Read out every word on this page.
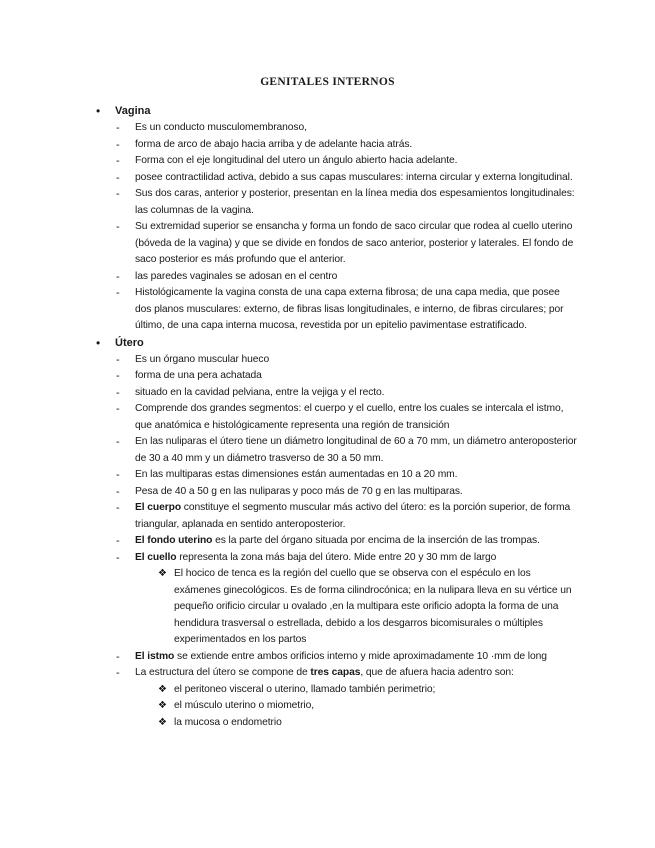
GENITALES INTERNOS
• Vagina
- Es un conducto musculomembranoso,
- forma de arco de abajo hacia arriba y de adelante hacia atrás.
- Forma con el eje longitudinal del utero un ángulo abierto hacia adelante.
- posee contractilidad activa, debido a sus capas musculares: interna circular y externa longitudinal.
- Sus dos caras, anterior y posterior, presentan en la línea media dos espesamientos longitudinales: las columnas de la vagina.
- Su extremidad superior se ensancha y forma un fondo de saco circular que rodea al cuello uterino (bóveda de la vagina) y que se divide en fondos de saco anterior, posterior y laterales. El fondo de saco posterior es más profundo que el anterior.
- las paredes vaginales se adosan en el centro
- Histológicamente la vagina consta de una capa externa fibrosa; de una capa media, que posee dos planos musculares: externo, de fibras lisas longitudinales, e interno, de fibras circulares; por último, de una capa interna mucosa, revestida por un epitelio pavimentase estratificado.
• Útero
- Es un órgano muscular hueco
- forma de una pera achatada
- situado en la cavidad pelviana, entre la vejiga y el recto.
- Comprende dos grandes segmentos: el cuerpo y el cuello, entre los cuales se intercala el istmo, que anatómica e histológicamente representa una región de transición
- En las nuliparas el útero tiene un diámetro longitudinal de 60 a 70 mm, un diámetro anteroposterior de 30 a 40 mm y un diámetro trasverso de 30 a 50 mm.
- En las multiparas estas dimensiones están aumentadas en 10 a 20 mm.
- Pesa de 40 a 50 g en las nuliparas y poco más de 70 g en las multiparas.
- El cuerpo constituye el segmento muscular más activo del útero: es la porción superior, de forma triangular, aplanada en sentido anteroposterior.
- El fondo uterino es la parte del órgano situada por encima de la inserción de las trompas.
- El cuello representa la zona más baja del útero. Mide entre 20 y 30 mm de largo
❖ El hocico de tenca es la región del cuello que se observa con el espéculo en los exámenes ginecológicos. Es de forma cilindrocónica; en la nulipara lleva en su vértice un pequeño orificio circular u ovalado ,en la multipara este orificio adopta la forma de una hendidura trasversal o estrellada, debido a los desgarros bicomisurales o múltiples experimentados en los partos
- El istmo se extiende entre ambos orificios interno y mide aproximadamente 10 ·mm de long
- La estructura del útero se compone de tres capas, que de afuera hacia adentro son:
❖ el peritoneo visceral o uterino, llamado también perimetrio;
❖ el músculo uterino o miometrio,
❖ la mucosa o endometrio
